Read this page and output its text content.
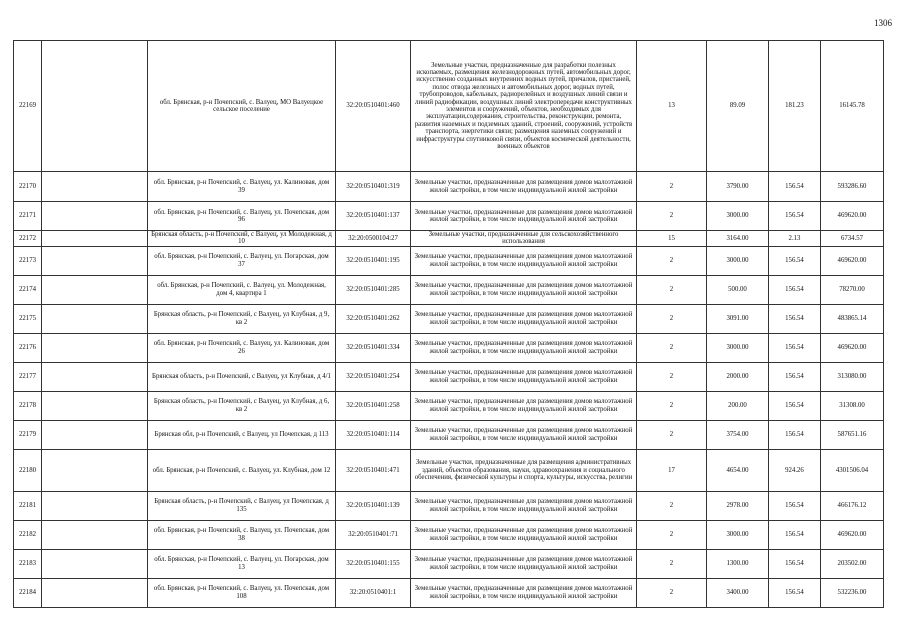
1306
22169		обл. Брянская, р-н Почепский, с. Валуец, МО Валуецкое сельское поселение	32:20:0510401:460	Земельные участки, предназначенные для разработки полезных ископаемых, размещения железнодорожных путей, автомобильных дорог, искусственно созданных внутренних водных путей, причалов, пристаней, полос отвода железных и автомобильных дорог, водных путей, трубопроводов, кабельных, радиорелейных и воздушных линий связи и линий радиофикации, воздушных линий электропередачи конструктивных элементов и сооружений, объектов, необходимых для эксплуатации,содержания, строительства, реконструкции, ремонта, развития наземных и подземных зданий, строений, сооружений, устройств транспорта, энергетики связи; размещения наземных сооружений и инфраструктуры спутниковой связи, объектов космической деятельности, военных объектов	13	89.09	181.23	16145.78
22170		обл. Брянская, р-н Почепский, с. Валуец, ул. Калиновая, дом 39	32:20:0510401:319	Земельные участки, предназначенные для размещения домов малоэтажной жилой застройки, в том числе индивидуальной жилой застройки	2	3790.00	156.54	593286.60
22171		обл. Брянская, р-н Почепский, с. Валуец, ул. Почепская, дом 96	32:20:0510401:137	Земельные участки, предназначенные для размещения домов малоэтажной жилой застройки, в том числе индивидуальной жилой застройки	2	3000.00	156.54	469620.00
22172		Брянская область, р-н Почепский, с Валуец, ул Молодежная, д 10	32:20:0500104:27	Земельные участки, предназначенные для сельскохозяйственного использования	15	3164.00	2.13	6734.57
22173		обл. Брянская, р-н Почепский, с. Валуец, ул. Погарская, дом 37	32:20:0510401:195	Земельные участки, предназначенные для размещения домов малоэтажной жилой застройки, в том числе индивидуальной жилой застройки	2	3000.00	156.54	469620.00
22174		обл. Брянская, р-н Почепский, с. Валуец, ул. Молодежная, дом 4, квартира 1	32:20:0510401:285	Земельные участки, предназначенные для размещения домов малоэтажной жилой застройки, в том числе индивидуальной жилой застройки	2	500.00	156.54	78270.00
22175		Брянская область, р-н Почепский, с Валуец, ул Клубная, д 9, кв 2	32:20:0510401:262	Земельные участки, предназначенные для размещения домов малоэтажной жилой застройки, в том числе индивидуальной жилой застройки	2	3091.00	156.54	483865.14
22176		обл. Брянская, р-н Почепский, с. Валуец, ул. Калиновая, дом 26	32:20:0510401:334	Земельные участки, предназначенные для размещения домов малоэтажной жилой застройки, в том числе индивидуальной жилой застройки	2	3000.00	156.54	469620.00
22177		Брянская область, р-н Почепский, с Валуец, ул Клубная, д 4/1	32:20:0510401:254	Земельные участки, предназначенные для размещения домов малоэтажной жилой застройки, в том числе индивидуальной жилой застройки	2	2000.00	156.54	313080.00
22178		Брянская область, р-н Почепский, с Валуец, ул Клубная, д 6, кв 2	32:20:0510401:258	Земельные участки, предназначенные для размещения домов малоэтажной жилой застройки, в том числе индивидуальной жилой застройки	2	200.00	156.54	31308.00
22179		Брянская обл, р-н Почепский, с Валуец, ул Почепская, д 113	32:20:0510401:114	Земельные участки, предназначенные для размещения домов малоэтажной жилой застройки, в том числе индивидуальной жилой застройки	2	3754.00	156.54	587651.16
22180		обл. Брянская, р-н Почепский, с. Валуец, ул. Клубная, дом 12	32:20:0510401:471	Земельные участки, предназначенные для размещения административных зданий, объектов образования, науки, здравоохранения и социального обеспечения, физической культуры и спорта, культуры, искусства, религии	17	4654.00	924.26	4301506.04
22181		Брянская область, р-н Почепский, с Валуец, ул Почепская, д 135	32:20:0510401:139	Земельные участки, предназначенные для размещения домов малоэтажной жилой застройки, в том числе индивидуальной жилой застройки	2	2978.00	156.54	466176.12
22182		обл. Брянская, р-н Почепский, с. Валуец, ул. Почепская, дом 38	32:20:0510401:71	Земельные участки, предназначенные для размещения домов малоэтажной жилой застройки, в том числе индивидуальной жилой застройки	2	3000.00	156.54	469620.00
22183		обл. Брянская, р-н Почепский, с. Валуец, ул. Погарская, дом 13	32:20:0510401:155	Земельные участки, предназначенные для размещения домов малоэтажной жилой застройки, в том числе индивидуальной жилой застройки	2	1300.00	156.54	203502.00
22184		обл. Брянская, р-н Почепский, с. Валуец, ул. Почепская, дом 108	32:20:0510401:1	Земельные участки, предназначенные для размещения домов малоэтажной жилой застройки, в том числе индивидуальной жилой застройки	2	3400.00	156.54	532236.00
